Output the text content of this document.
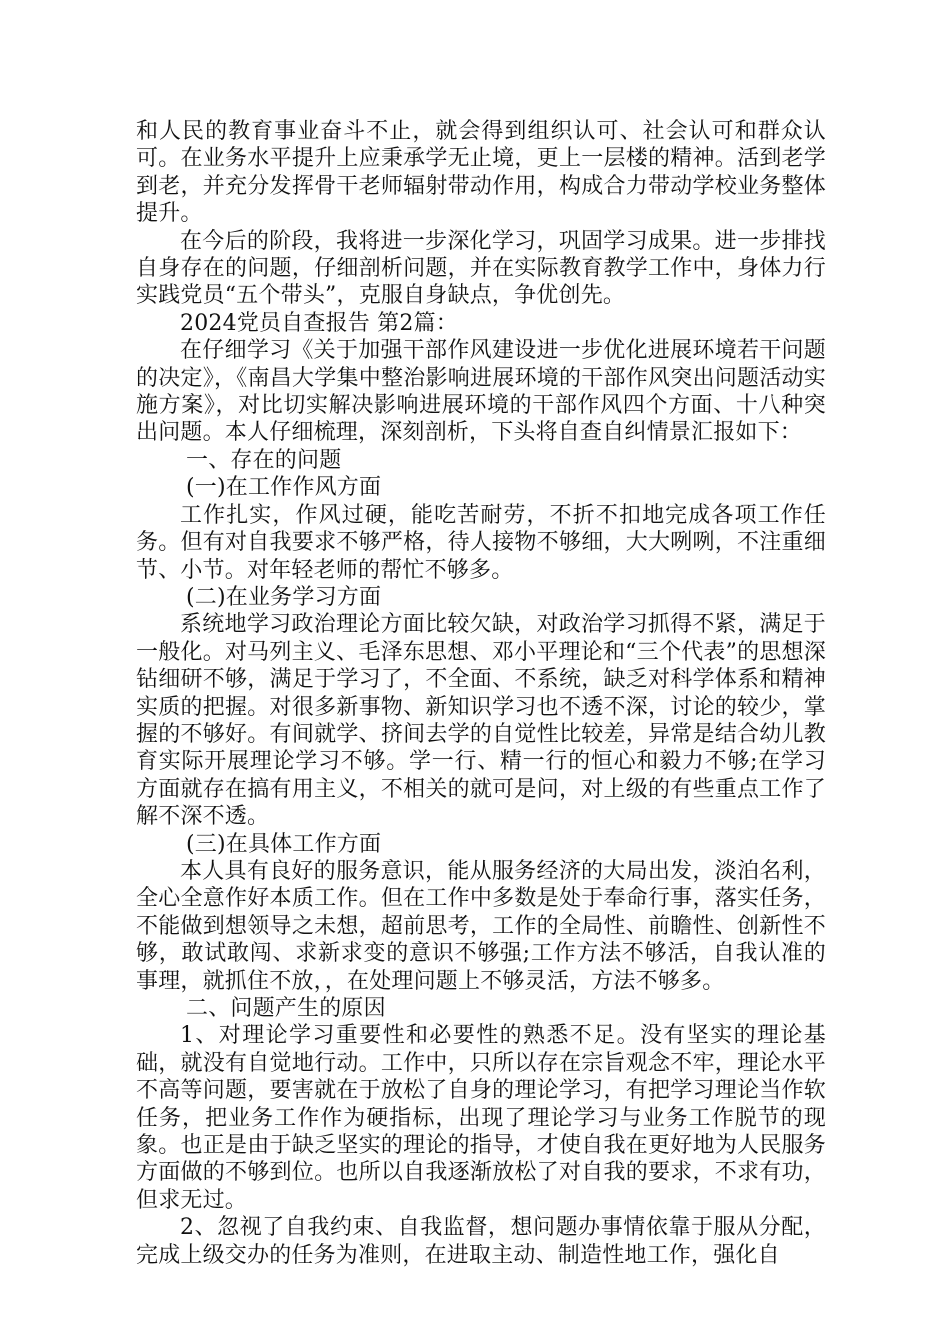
和人民的教育事业奋斗不止，就会得到组织认可、社会认可和群众认可。在业务水平提升上应秉承学无止境，更上一层楼的精神。活到老学到老，并充分发挥骨干老师辐射带动作用，构成合力带动学校业务整体提升。

在今后的阶段，我将进一步深化学习，巩固学习成果。进一步排找自身存在的问题，仔细剖析问题，并在实际教育教学工作中，身体力行实践党员“五个带头”，克服自身缺点，争优创先。

2024党员自查报告 第2篇：

在仔细学习《关于加强干部作风建设进一步优化进展环境若干问题的决定》，《南昌大学集中整治影响进展环境的干部作风突出问题活动实施方案》，对比切实解决影响进展环境的干部作风四个方面、十八种突出问题。本人仔细梳理，深刻剖析，下头将自查自纠情景汇报如下：

一、存在的问题

(一)在工作作风方面

工作扎实，作风过硬，能吃苦耐劳，不折不扣地完成各项工作任务。但有对自我要求不够严格，待人接物不够细，大大咧咧，不注重细节、小节。对年轻老师的帮忙不够多。

(二)在业务学习方面

系统地学习政治理论方面比较欠缺，对政治学习抓得不紧，满足于一般化。对马列主义、毛泽东思想、邓小平理论和“三个代表”的思想深钻细研不够，满足于学习了，不全面、不系统，缺乏对科学体系和精神实质的把握。对很多新事物、新知识学习也不透不深，讨论的较少，掌握的不够好。有间就学、挤间去学的自觉性比较差，异常是结合幼儿教育实际开展理论学习不够。学一行、精一行的恒心和毅力不够;在学习方面就存在搞有用主义，不相关的就可是问，对上级的有些重点工作了解不深不透。

(三)在具体工作方面

本人具有良好的服务意识，能从服务经济的大局出发，淡泊名利，全心全意作好本质工作。但在工作中多数是处于奉命行事，落实任务，不能做到想领导之未想，超前思考，工作的全局性、前瞻性、创新性不够，敢试敢闯、求新求变的意识不够强;工作方法不够活，自我认准的事理，就抓住不放，，在处理问题上不够灵活，方法不够多。

二、问题产生的原因

1、对理论学习重要性和必要性的熟悉不足。没有坚实的理论基础，就没有自觉地行动。工作中，只所以存在宗旨观念不牢，理论水平不高等问题，要害就在于放松了自身的理论学习，有把学习理论当作软任务，把业务工作作为硬指标，出现了理论学习与业务工作脱节的现象。也正是由于缺乏坚实的理论的指导，才使自我在更好地为人民服务方面做的不够到位。也所以自我逐渐放松了对自我的要求，不求有功，但求无过。

2、忽视了自我约束、自我监督，想问题办事情依靠于服从分配，完成上级交办的任务为准则，在进取主动、制造性地工作，强化自
